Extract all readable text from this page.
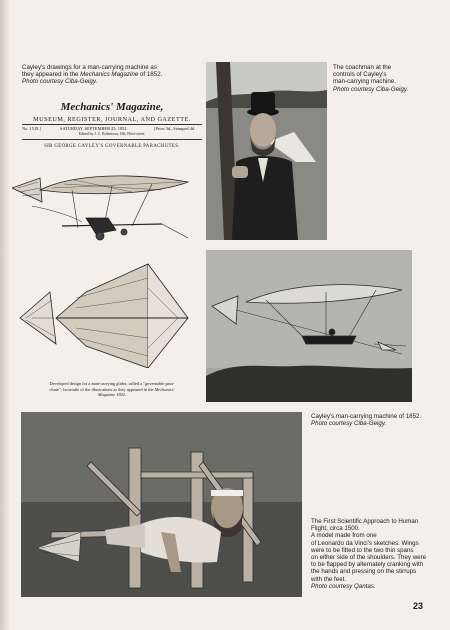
Cayley's drawings for a man-carrying machine as
they appeared in the Mechanics Magazine of 1852.
Photo courtesy Ciba-Geigy.

Mechanics' Magazine,
MUSEUM, REGISTER, JOURNAL, AND GAZETTE.
No. 1518.]	SATURDAY, SEPTEMBER 25, 1852.	[Price 3d., Stamped 4d.
Edited by J. C. Robertson, 166, Fleet-street.
SIR GEORGE CAYLEY'S GOVERNABLE PARACHUTES.

Developed design for a man-carrying glider, called a "governable para-
chute"; facsimile of the illustrations as they appeared in the Mechanics'
Magazine 1852.

The coachman at the
controls of Cayley's
man-carrying machine.
Photo courtesy Ciba-Geigy.

Cayley's man-carrying machine of 1852.
Photo courtesy Ciba-Geigy.

The First Scientific Approach to Human
Flight, circa 1500.
A model made from one
of Leonardo da Vinci's sketches. Wings
were to be fitted to the two thin spans
on either side of the shoulders. They were
to be flapped by alternately cranking with
the hands and pressing on the stirrups
with the feet.
Photo courtesy Qantas.
23
